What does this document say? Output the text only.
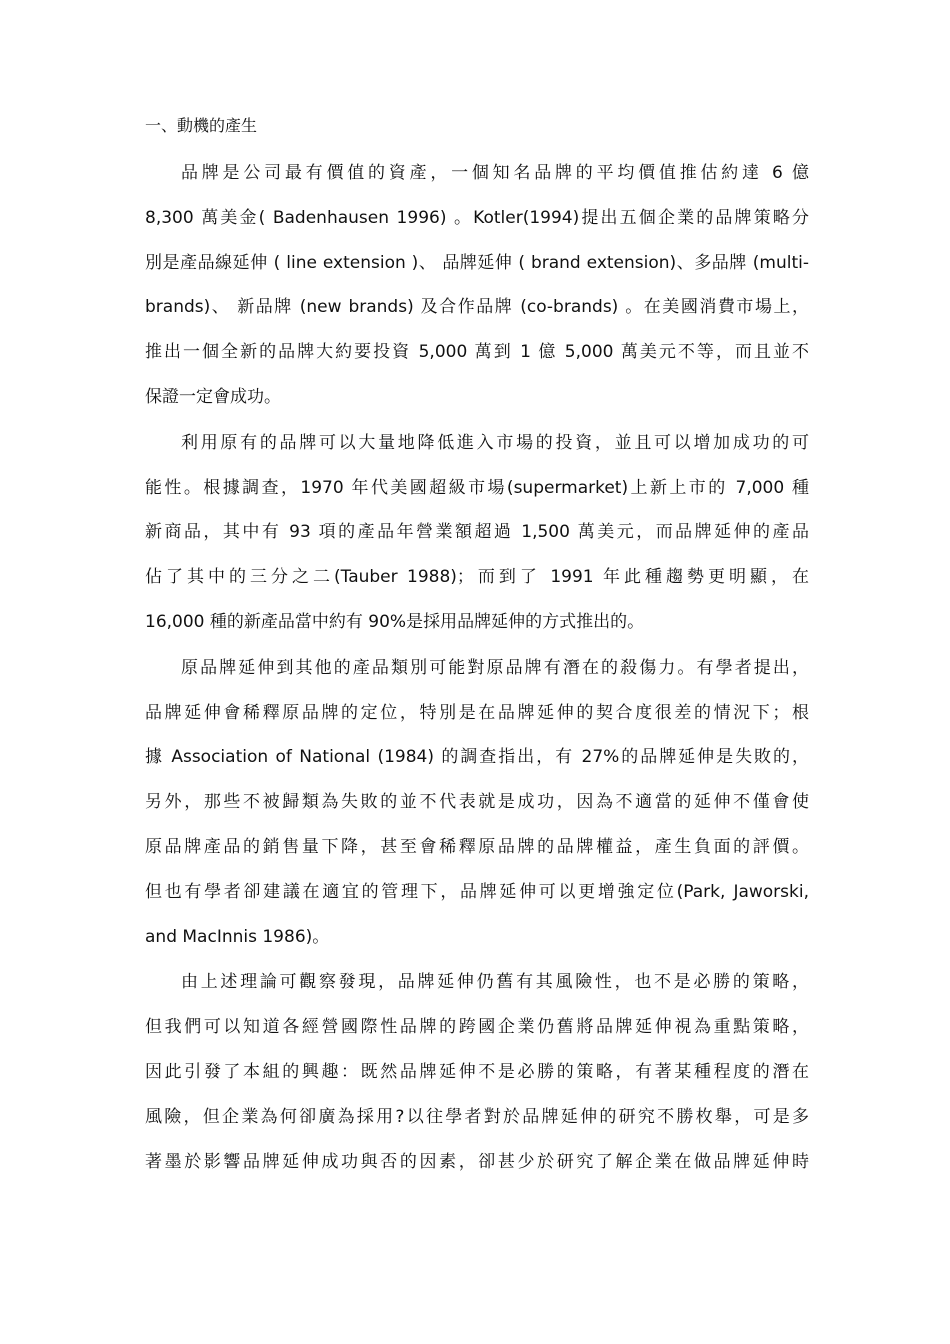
一、動機的產生
品牌是公司最有價值的資產，一個知名品牌的平均價值推估約達 6 億
8,300 萬美金( Badenhausen 1996) 。Kotler(1994)提出五個企業的品牌策略分
別是產品線延伸 ( line extension )、 品牌延伸 ( brand extension)、多品牌 (multi-
brands)、 新品牌 (new brands) 及合作品牌 (co-brands) 。在美國消費市場上，
推出一個全新的品牌大約要投資 5,000 萬到 1 億 5,000 萬美元不等，而且並不
保證一定會成功。
利用原有的品牌可以大量地降低進入市場的投資，並且可以增加成功的可
能性。根據調查，1970 年代美國超級市場(supermarket)上新上市的 7,000 種
新商品，其中有 93 項的產品年營業額超過 1,500 萬美元，而品牌延伸的產品
佔了其中的三分之二(Tauber 1988)；而到了 1991 年此種趨勢更明顯，在
16,000 種的新產品當中約有 90%是採用品牌延伸的方式推出的。
原品牌延伸到其他的產品類別可能對原品牌有潛在的殺傷力。有學者提出，
品牌延伸會稀釋原品牌的定位，特別是在品牌延伸的契合度很差的情況下；根
據 Association of National (1984) 的調查指出，有 27%的品牌延伸是失敗的，
另外，那些不被歸類為失敗的並不代表就是成功，因為不適當的延伸不僅會使
原品牌產品的銷售量下降，甚至會稀釋原品牌的品牌權益，產生負面的評價。
但也有學者卻建議在適宜的管理下，品牌延伸可以更增強定位(Park, Jaworski,
and MacInnis 1986)。
由上述理論可觀察發現，品牌延伸仍舊有其風險性，也不是必勝的策略，
但我們可以知道各經營國際性品牌的跨國企業仍舊將品牌延伸視為重點策略，
因此引發了本組的興趣：既然品牌延伸不是必勝的策略，有著某種程度的潛在
風險，但企業為何卻廣為採用?以往學者對於品牌延伸的研究不勝枚舉，可是多
著墨於影響品牌延伸成功與否的因素，卻甚少於研究了解企業在做品牌延伸時
